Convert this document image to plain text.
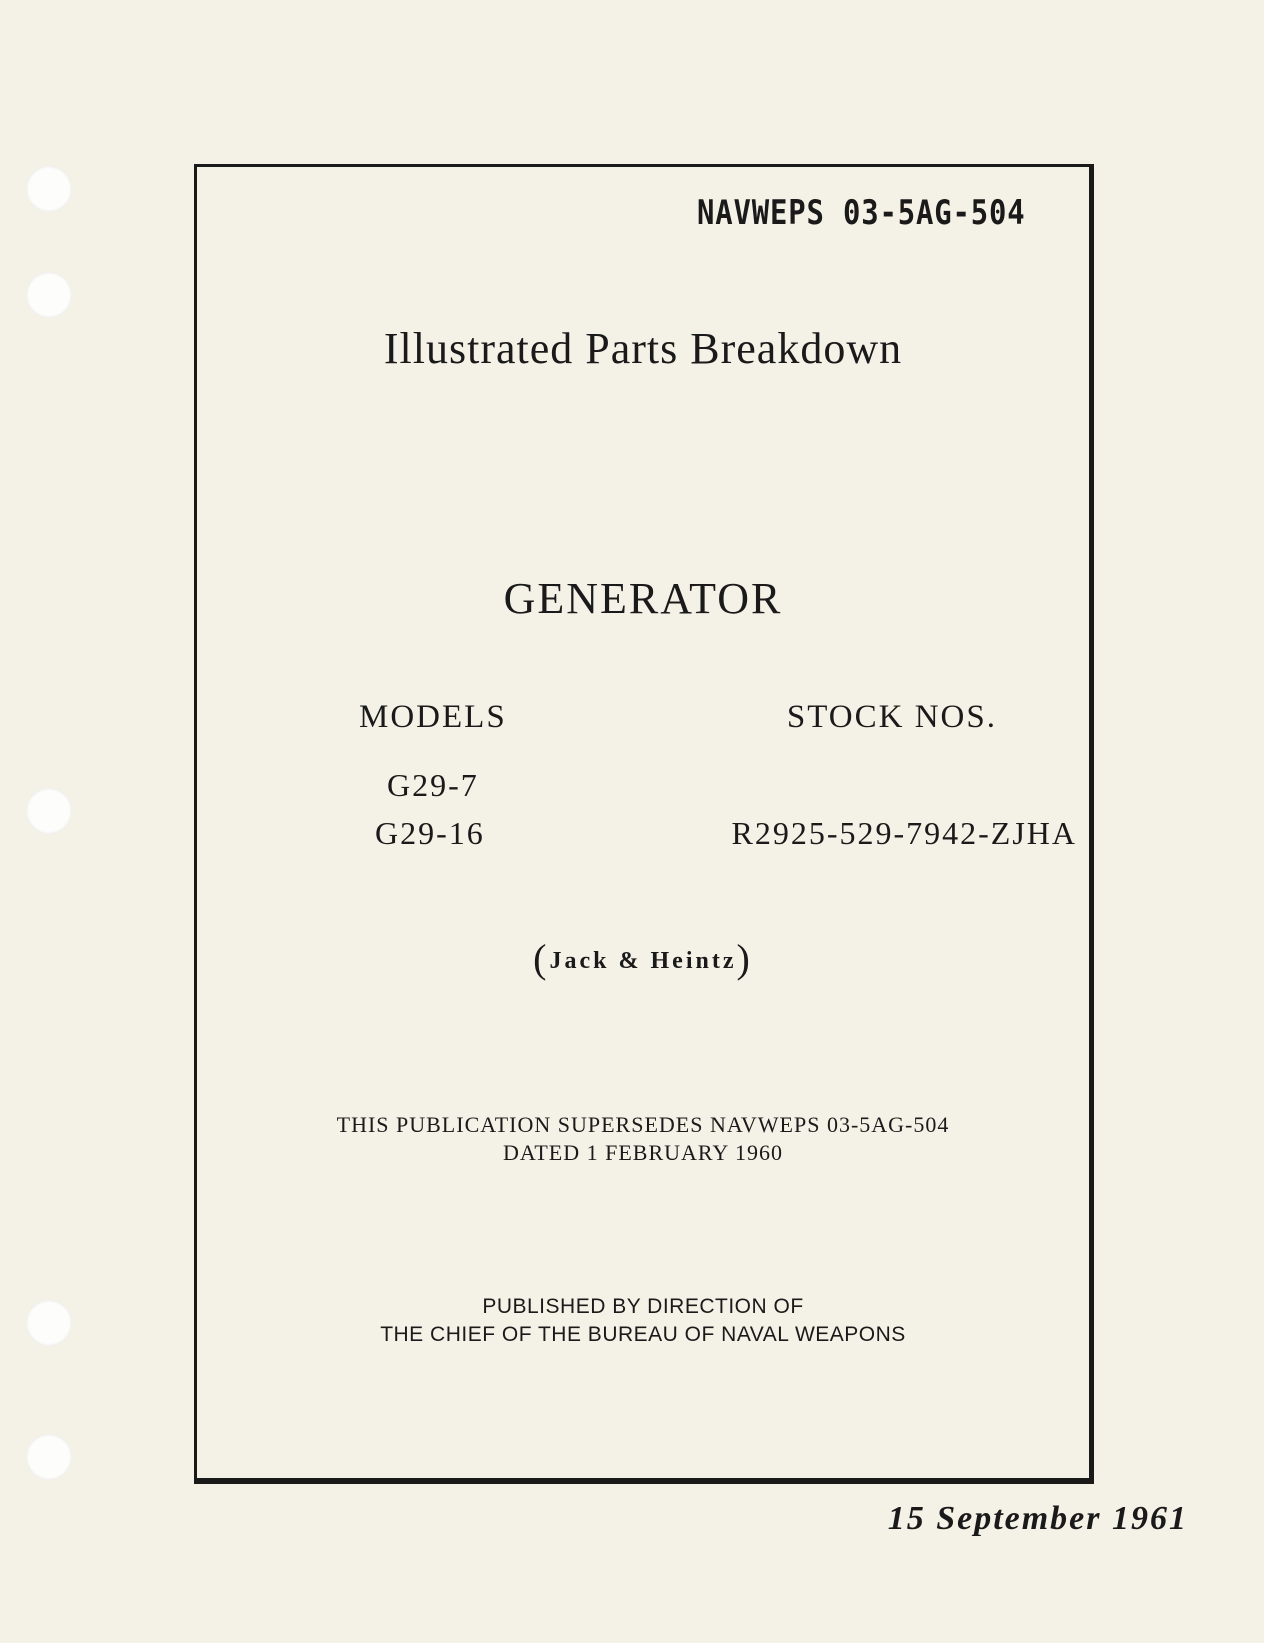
NAVWEPS 03-5AG-504
Illustrated Parts Breakdown
GENERATOR
MODELS
G29-7
G29-16
STOCK NOS.
R2925-529-7942-ZJHA
(Jack & Heintz)
THIS PUBLICATION SUPERSEDES NAVWEPS 03-5AG-504
DATED 1 FEBRUARY 1960
PUBLISHED BY DIRECTION OF
THE CHIEF OF THE BUREAU OF NAVAL WEAPONS
15 September 1961
